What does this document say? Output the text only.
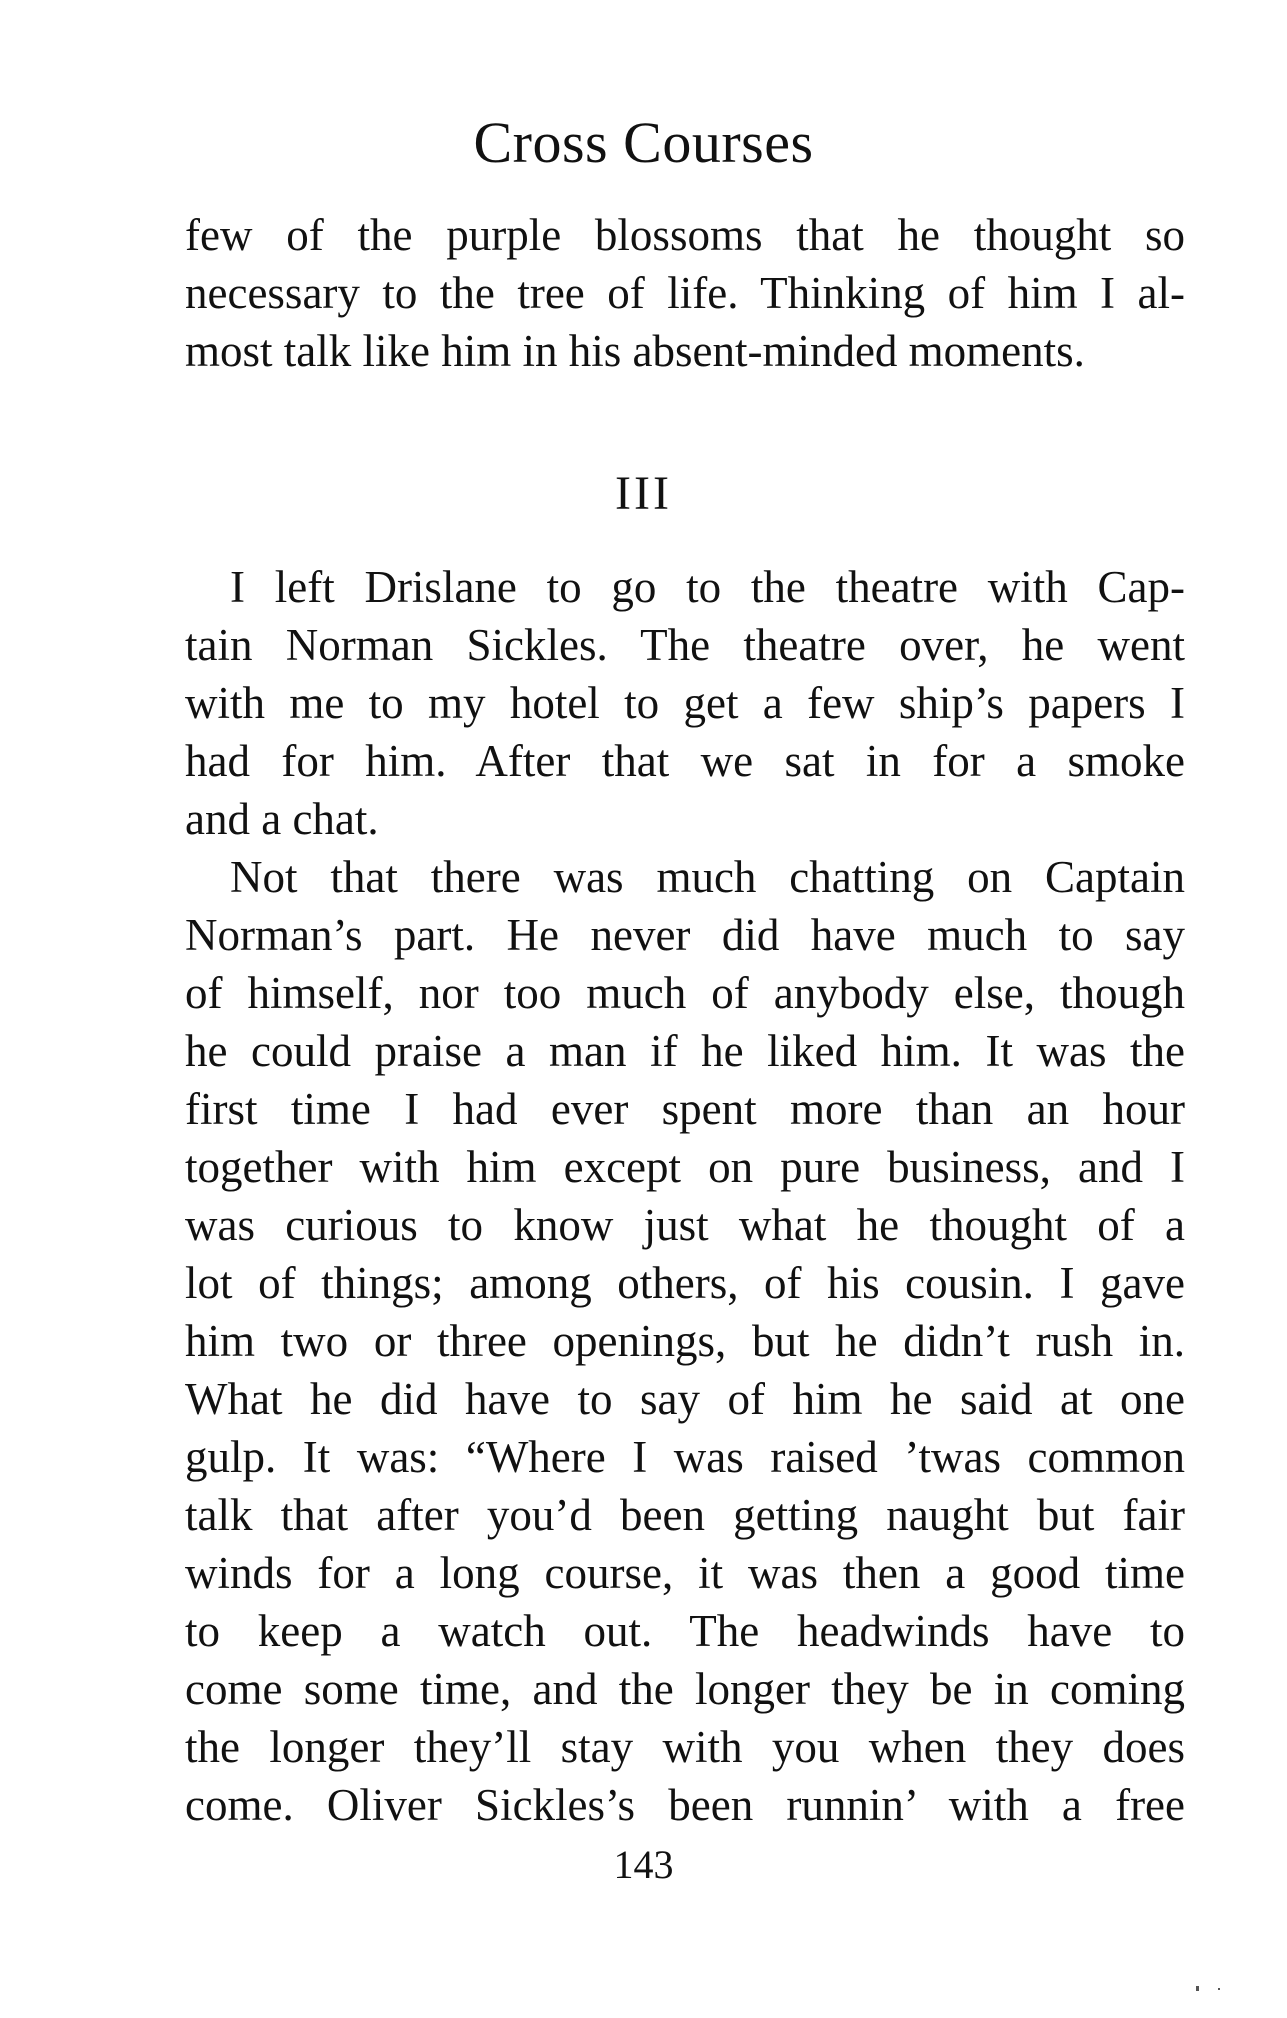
Cross Courses
few of the purple blossoms that he thought so
necessary to the tree of life. Thinking of him I al-
most talk like him in his absent-minded moments.
III
I left Drislane to go to the theatre with Cap-
tain Norman Sickles. The theatre over, he went
with me to my hotel to get a few ship’s papers I
had for him. After that we sat in for a smoke
and a chat.
Not that there was much chatting on Captain
Norman’s part. He never did have much to say
of himself, nor too much of anybody else, though
he could praise a man if he liked him. It was the
first time I had ever spent more than an hour
together with him except on pure business, and I
was curious to know just what he thought of a
lot of things; among others, of his cousin. I gave
him two or three openings, but he didn’t rush in.
What he did have to say of him he said at one
gulp. It was: “Where I was raised ’twas common
talk that after you’d been getting naught but fair
winds for a long course, it was then a good time
to keep a watch out. The headwinds have to
come some time, and the longer they be in coming
the longer they’ll stay with you when they does
come. Oliver Sickles’s been runnin’ with a free
143
